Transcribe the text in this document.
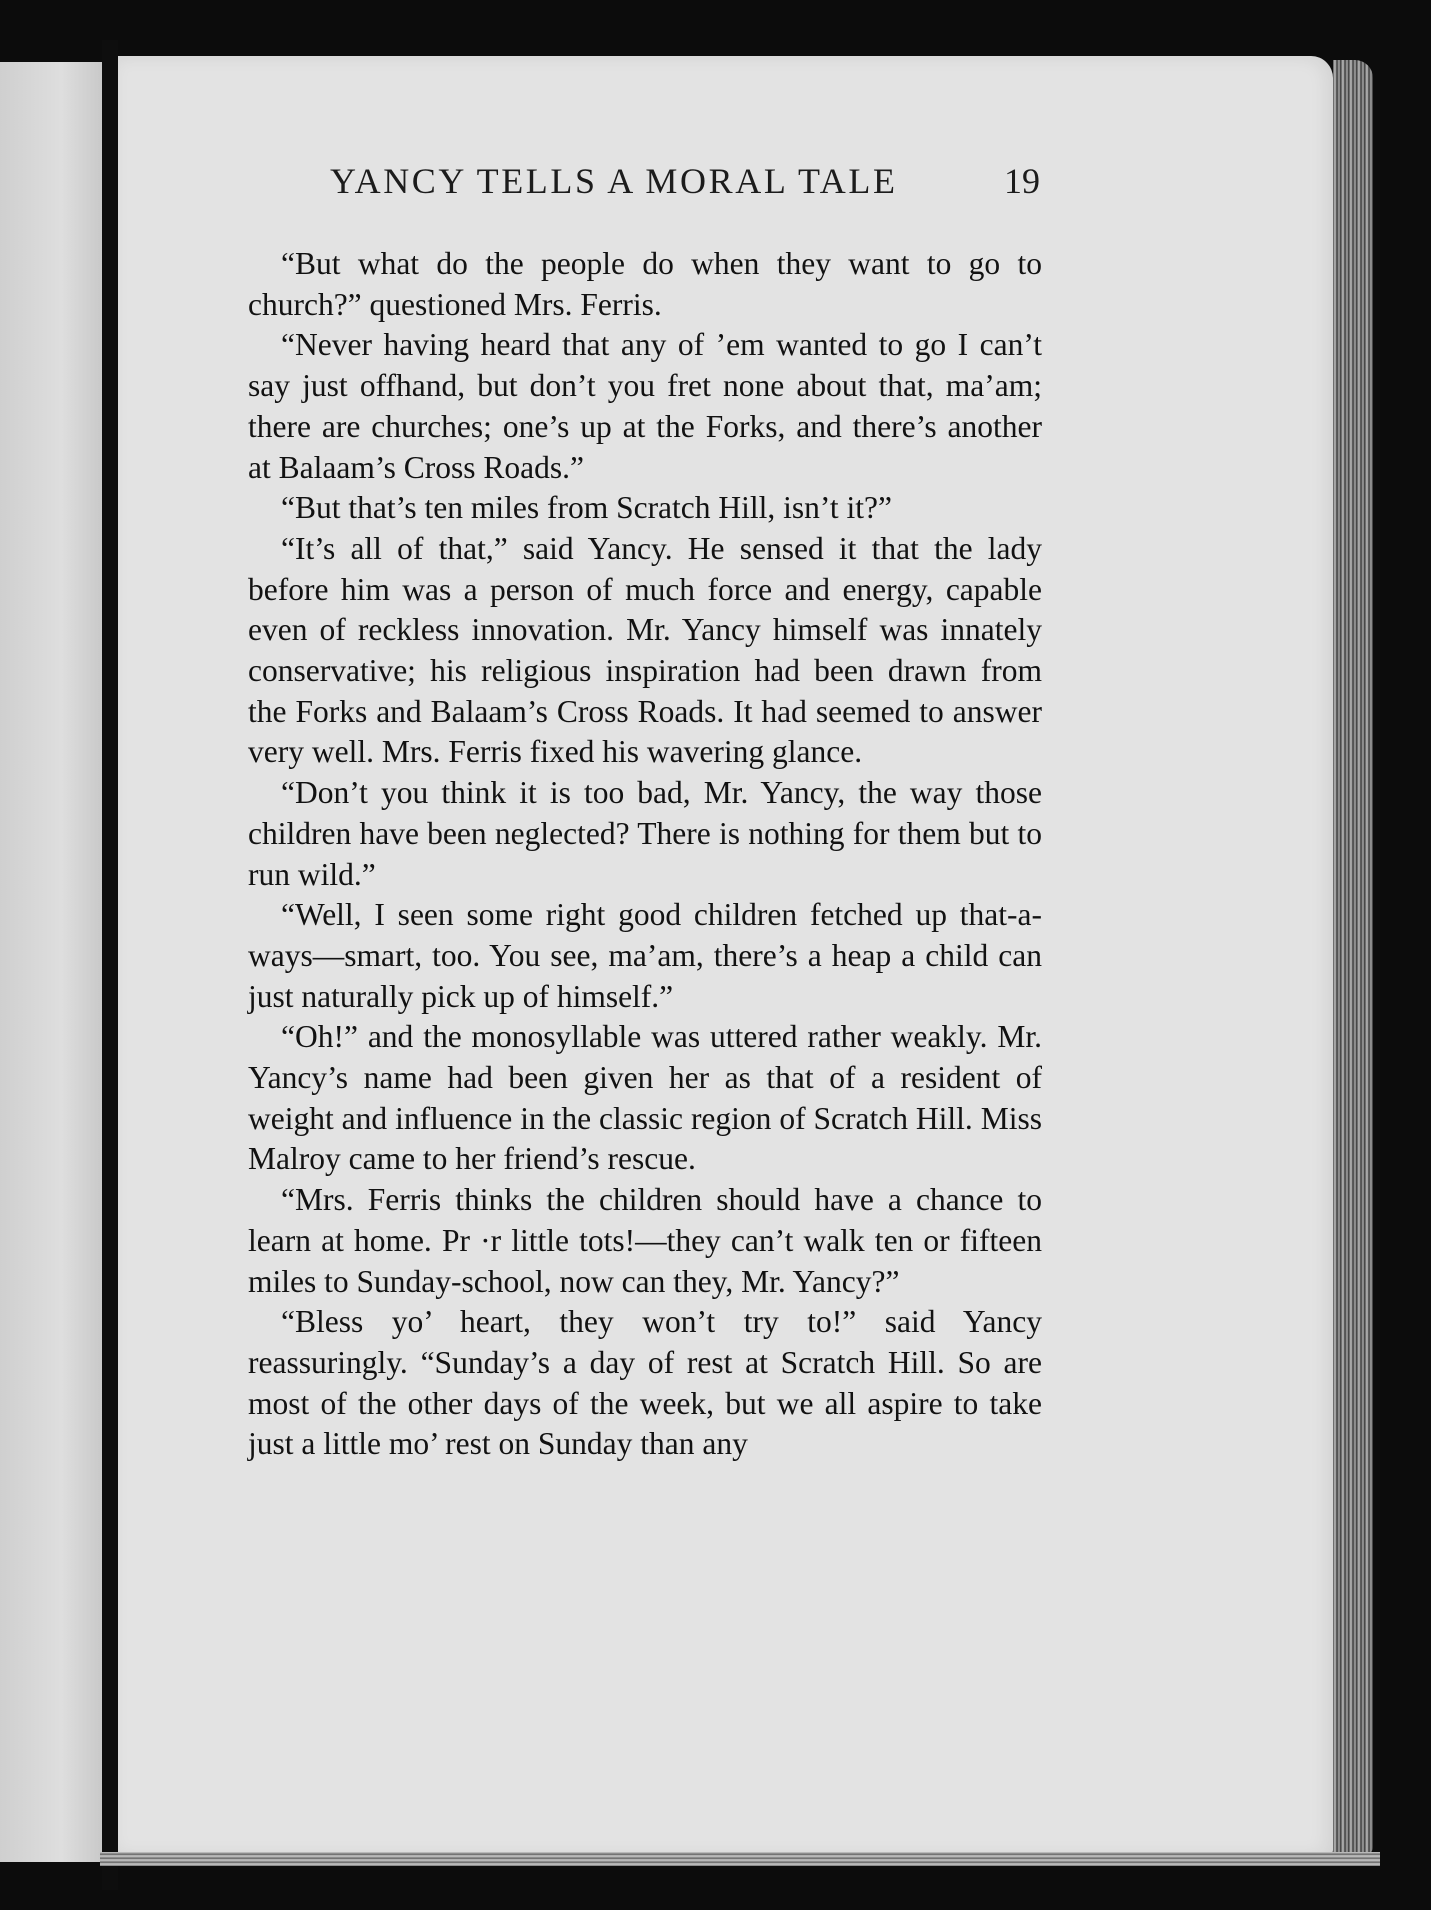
YANCY TELLS A MORAL TALE	19

“But what do the people do when they want to go to church?” questioned Mrs. Ferris.

“Never having heard that any of ’em wanted to go I can’t say just offhand, but don’t you fret none about that, ma’am; there are churches; one’s up at the Forks, and there’s another at Balaam’s Cross Roads.”

“But that’s ten miles from Scratch Hill, isn’t it?”

“It’s all of that,” said Yancy. He sensed it that the lady before him was a person of much force and energy, capable even of reckless innovation. Mr. Yancy himself was innately conservative; his religious inspiration had been drawn from the Forks and Balaam’s Cross Roads. It had seemed to answer very well. Mrs. Ferris fixed his wavering glance.

“Don’t you think it is too bad, Mr. Yancy, the way those children have been neglected? There is nothing for them but to run wild.”

“Well, I seen some right good children fetched up that-a-ways—smart, too. You see, ma’am, there’s a heap a child can just naturally pick up of himself.”

“Oh!” and the monosyllable was uttered rather weakly. Mr. Yancy’s name had been given her as that of a resident of weight and influence in the classic region of Scratch Hill. Miss Malroy came to her friend’s rescue.

“Mrs. Ferris thinks the children should have a chance to learn at home. Pr ·r little tots!—they can’t walk ten or fifteen miles to Sunday-school, now can they, Mr. Yancy?”

“Bless yo’ heart, they won’t try to!” said Yancy reassuringly. “Sunday’s a day of rest at Scratch Hill. So are most of the other days of the week, but we all aspire to take just a little mo’ rest on Sunday than any
